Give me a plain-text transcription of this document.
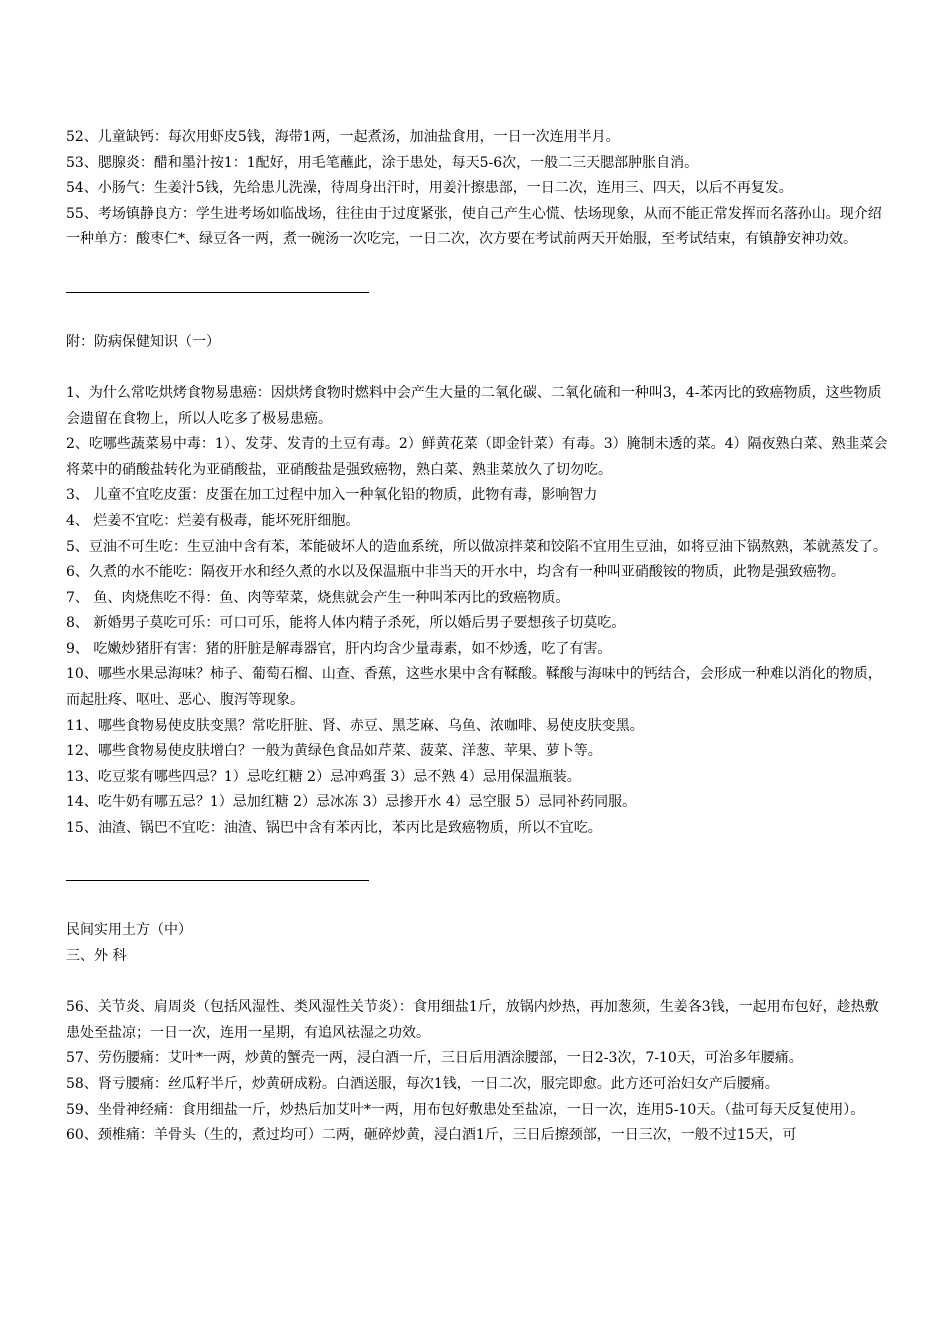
52、儿童缺钙：每次用虾皮5钱，海带1两，一起煮汤，加油盐食用，一日一次连用半月。
53、腮腺炎：醋和墨汁按1：1配好，用毛笔蘸此，涂于患处，每天5-6次，一般二三天腮部肿胀自消。
54、小肠气：生姜汁5钱，先给患儿洗澡，待周身出汗时，用姜汁擦患部，一日二次，连用三、四天，以后不再复发。
55、考场镇静良方：学生进考场如临战场，往往由于过度紧张，使自己产生心慌、怯场现象，从而不能正常发挥而名落孙山。现介绍一种单方：酸枣仁*、绿豆各一两，煮一碗汤一次吃完，一日二次，次方要在考试前两天开始服，至考试结束，有镇静安神功效。
附：防病保健知识（一）
1、为什么常吃烘烤食物易患癌：因烘烤食物时燃料中会产生大量的二氧化碳、二氧化硫和一种叫3，4-苯丙比的致癌物质，这些物质会遗留在食物上，所以人吃多了极易患癌。
2、吃哪些蔬菜易中毒：1）、发芽、发青的土豆有毒。2）鲜黄花菜（即金针菜）有毒。3）腌制未透的菜。4）隔夜熟白菜、熟韭菜会将菜中的硝酸盐转化为亚硝酸盐，亚硝酸盐是强致癌物，熟白菜、熟韭菜放久了切勿吃。
3、 儿童不宜吃皮蛋：皮蛋在加工过程中加入一种氧化铅的物质，此物有毒，影响智力
4、 烂姜不宜吃：烂姜有极毒，能坏死肝细胞。
5、豆油不可生吃：生豆油中含有苯，苯能破坏人的造血系统，所以做凉拌菜和饺陷不宜用生豆油，如将豆油下锅熬熟，苯就蒸发了。
6、久煮的水不能吃：隔夜开水和经久煮的水以及保温瓶中非当天的开水中，均含有一种叫亚硝酸铵的物质，此物是强致癌物。
7、 鱼、肉烧焦吃不得：鱼、肉等荤菜，烧焦就会产生一种叫苯丙比的致癌物质。
8、 新婚男子莫吃可乐：可口可乐，能将人体内精子杀死，所以婚后男子要想孩子切莫吃。
9、 吃嫩炒猪肝有害：猪的肝脏是解毒器官，肝内均含少量毒素，如不炒透，吃了有害。
10、哪些水果忌海味？柿子、葡萄石榴、山查、香蕉，这些水果中含有鞣酸。鞣酸与海味中的钙结合，会形成一种难以消化的物质，而起肚疼、呕吐、恶心、腹泻等现象。
11、哪些食物易使皮肤变黑？常吃肝脏、肾、赤豆、黑芝麻、乌鱼、浓咖啡、易使皮肤变黑。
12、哪些食物易使皮肤增白？一般为黄绿色食品如芹菜、菠菜、洋葱、苹果、萝卜等。
13、吃豆浆有哪些四忌？1）忌吃红糖 2）忌冲鸡蛋 3）忌不熟 4）忌用保温瓶装。
14、吃牛奶有哪五忌？1）忌加红糖 2）忌冰冻 3）忌掺开水 4）忌空服 5）忌同补药同服。
15、油渣、锅巴不宜吃：油渣、锅巴中含有苯丙比，苯丙比是致癌物质，所以不宜吃。
民间实用土方（中）
三、外 科
56、关节炎、肩周炎（包括风湿性、类风湿性关节炎）：食用细盐1斤，放锅内炒热，再加葱须，生姜各3钱，一起用布包好，趁热敷患处至盐凉；一日一次，连用一星期，有追风祛湿之功效。
57、劳伤腰痛：艾叶*一两，炒黄的蟹壳一两，浸白酒一斤，三日后用酒涂腰部，一日2-3次，7-10天，可治多年腰痛。
58、肾亏腰痛：丝瓜籽半斤，炒黄研成粉。白酒送服，每次1钱，一日二次，服完即愈。此方还可治妇女产后腰痛。
59、坐骨神经痛：食用细盐一斤，炒热后加艾叶*一两，用布包好敷患处至盐凉，一日一次，连用5-10天。（盐可每天反复使用）。
60、颈椎痛：羊骨头（生的，煮过均可）二两，砸碎炒黄，浸白酒1斤，三日后擦颈部，一日三次，一般不过15天，可
